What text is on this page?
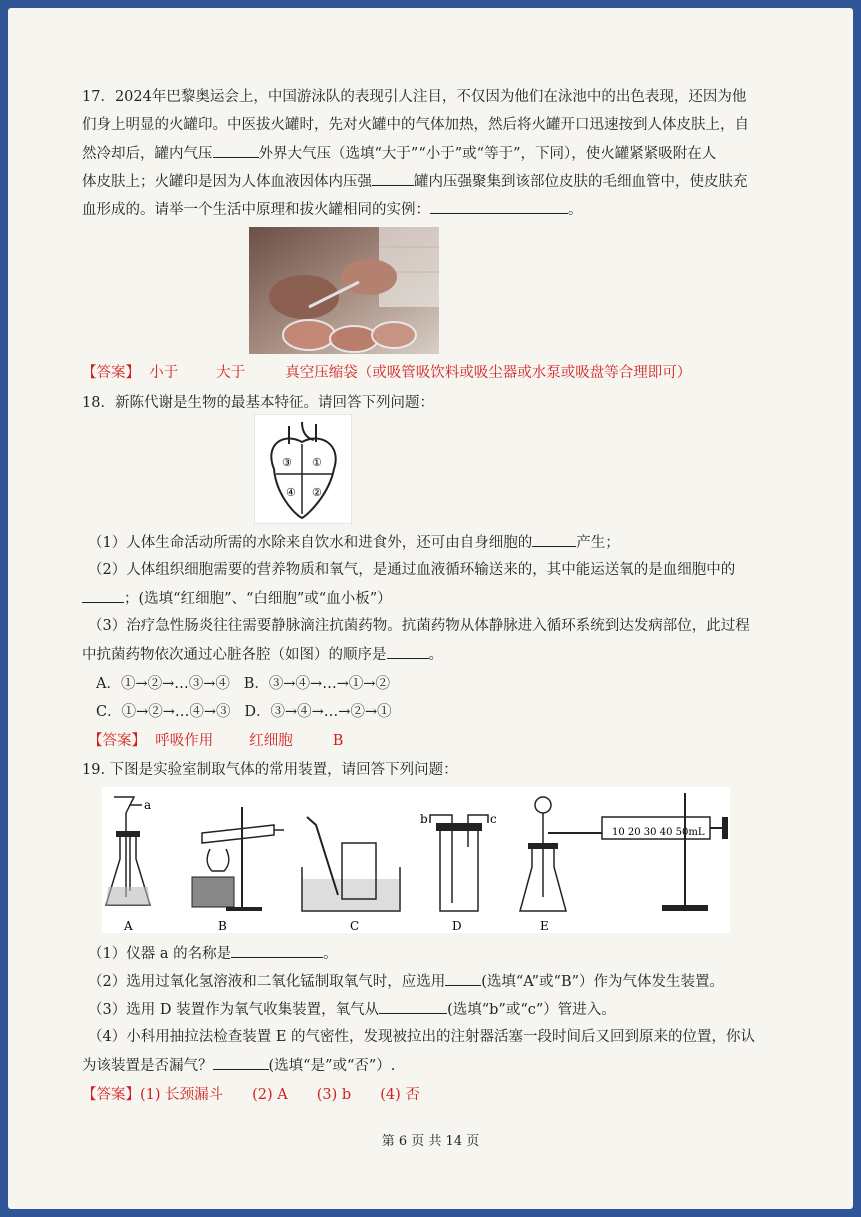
17．2024年巴黎奥运会上，中国游泳队的表现引人注目，不仅因为他们在泳池中的出色表现，还因为他
们身上明显的火罐印。中医拔火罐时，先对火罐中的气体加热，然后将火罐开口迅速按到人体皮肤上，自
然冷却后，罐内气压	外界大气压（选填“大于”“小于”或“等于”，下同），使火罐紧紧吸附在人
体皮肤上；火罐印是因为人体血液因体内压强	罐内压强聚集到该部位皮肤的毛细血管中，使皮肤充
血形成的。请举一个生活中原理和拔火罐相同的实例：	。
【答案】 小于	大于	真空压缩袋（或吸管吸饮料或吸尘器或水泵或吸盘等合理即可）
18．新陈代谢是生物的最基本特征。请回答下列问题：
③ ①
④ ②
（1）人体生命活动所需的水除来自饮水和进食外，还可由自身细胞的	产生；
（2）人体组织细胞需要的营养物质和氧气，是通过血液循环输送来的，其中能运送氧的是血细胞中的
；(选填“红细胞”、“白细胞”或“血小板”）
（3）治疗急性肠炎往往需要静脉滴注抗菌药物。抗菌药物从体静脉进入循环系统到达发病部位，此过程
中抗菌药物依次通过心脏各腔（如图）的顺序是	。
A．①→②→…③→④ B．③→④→…→①→②
C．①→②→…④→③ D．③→④→…→②→①
【答案】 呼吸作用 红细胞	B
19. 下图是实验室制取气体的常用装置，请回答下列问题：
a
b	c
10 20 30 40 50mL
A	B	C	D	E
（1）仪器 a 的名称是	。
（2）选用过氧化氢溶液和二氧化锰制取氧气时，应选用 (选填“A”或“B”）作为气体发生装置。
（3）选用 D 装置作为氧气收集装置，氧气从	(选填“b”或“c”）管进入。
（4）小科用抽拉法检查装置 E 的气密性，发现被拉出的注射器活塞一段时间后又回到原来的位置，你认
为该装置是否漏气？	(选填“是”或“否”）.
【答案】(1) 长颈漏斗　　(2) A　　(3) b　　(4) 否
第 6 页 共 14 页
